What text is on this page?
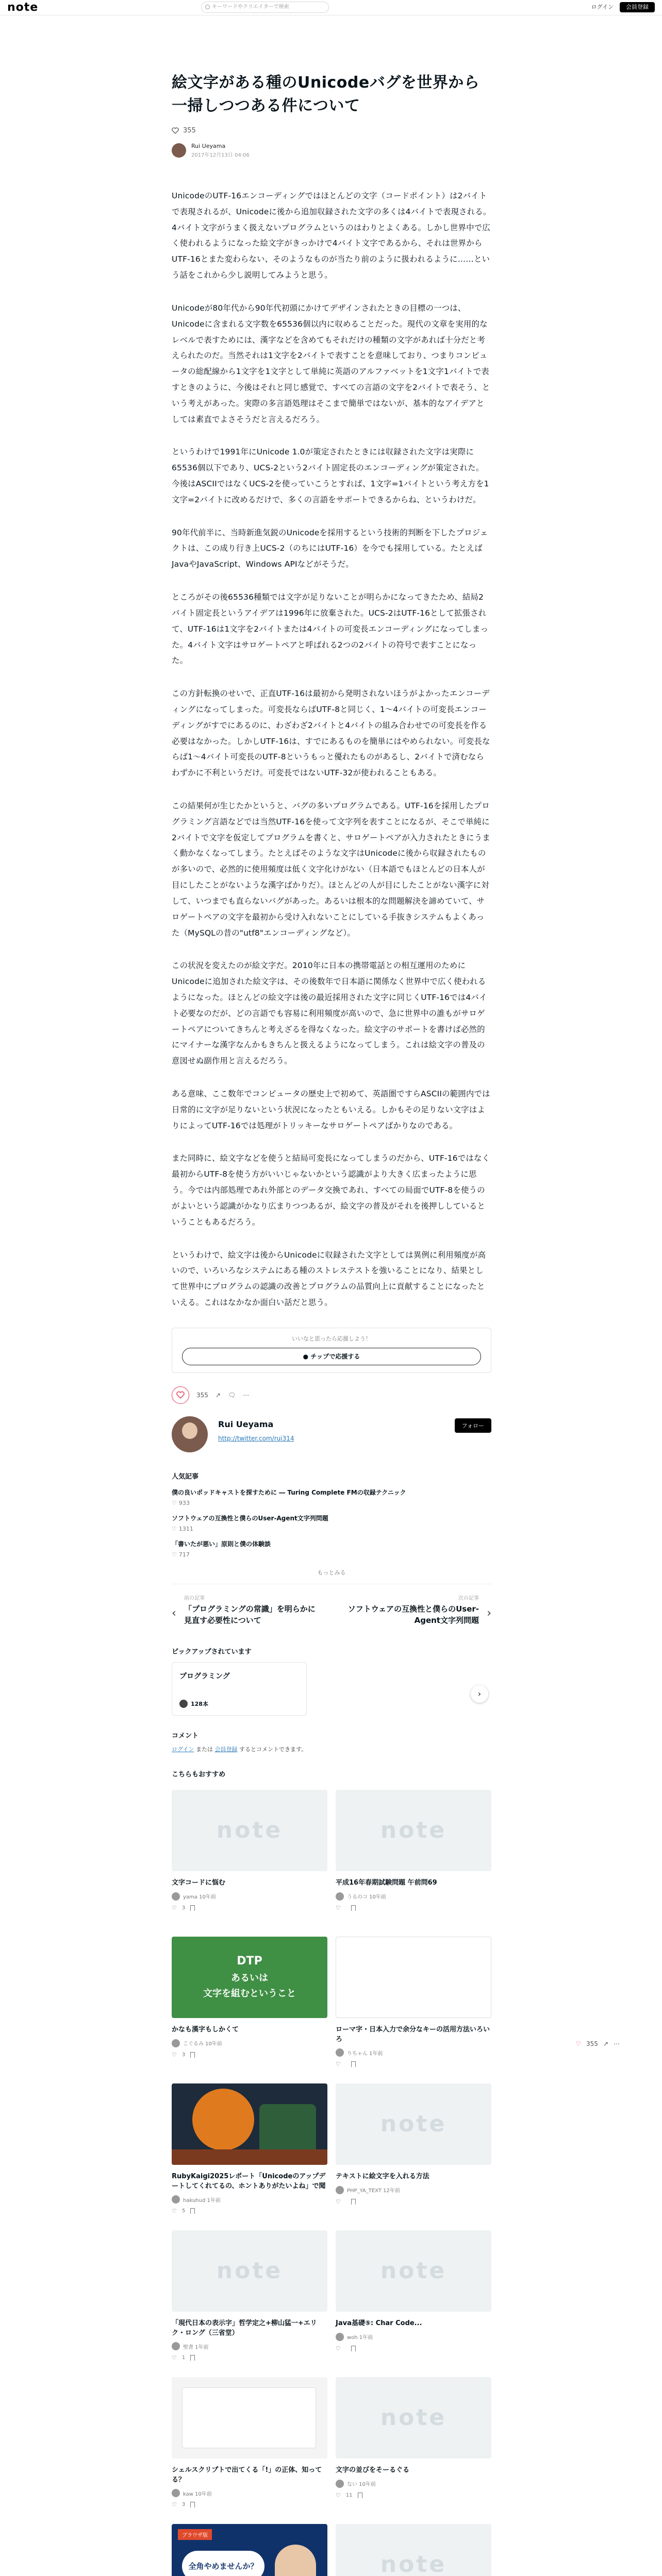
note	キーワードやクリエイターで検索	ログイン	会員登録
絵文字がある種のUnicodeバグを世界から一掃しつつある件について
355
Rui Ueyama
2017年12月13日 04:06

UnicodeのUTF-16エンコーディングではほとんどの文字（コードポイント）は2バイトで表現されるが、Unicodeに後から追加収録された文字の多くは4バイトで表現される。4バイト文字がうまく扱えないプログラムというのはわりとよくある。しかし世界中で広く使われるようになった絵文字がきっかけで4バイト文字であるから、それは世界からUTF-16とまた変わらない、そのようなものが当たり前のように扱われるように……という話をこれから少し説明してみようと思う。

Unicodeが80年代から90年代初頭にかけてデザインされたときの目標の一つは、Unicodeに含まれる文字数を65536個以内に収めることだった。現代の文章を実用的なレベルで表すためには、漢字などを含めてもそれだけの種類の文字があれば十分だと考えられたのだ。当然それは1文字を2バイトで表すことを意味しており、つまりコンピュータの総配線から1文字を1文字として単純に英語のアルファベットを1文字1バイトで表すときのように、今後はそれと同じ感覚で、すべての言語の文字を2バイトで表そう、という考えがあった。実際の多言語処理はそこまで簡単ではないが、基本的なアイデアとしては素直でよさそうだと言えるだろう。

というわけで1991年にUnicode 1.0が策定されたときには収録された文字は実際に65536個以下であり、UCS-2という2バイト固定長のエンコーディングが策定された。今後はASCIIではなくUCS-2を使っていこうとすれば、1文字=1バイトという考え方を1文字=2バイトに改めるだけで、多くの言語をサポートできるからね、というわけだ。

90年代前半に、当時新進気鋭のUnicodeを採用するという技術的判断を下したプロジェクトは、この成り行き上UCS-2（のちにはUTF-16）を今でも採用している。たとえばJavaやJavaScript、Windows APIなどがそうだ。

ところがその後65536種類では文字が足りないことが明らかになってきたため、結局2バイト固定長というアイデアは1996年に放棄された。UCS-2はUTF-16として拡張されて、UTF-16は1文字を2バイトまたは4バイトの可変長エンコーディングになってしまった。4バイト文字はサロゲートペアと呼ばれる2つの2バイトの符号で表すことになった。

この方針転換のせいで、正直UTF-16は最初から発明されないほうがよかったエンコーディングになってしまった。可変長ならばUTF-8と同じく、1〜4バイトの可変長エンコーディングがすでにあるのに、わざわざ2バイトと4バイトの組み合わせでの可変長を作る必要はなかった。しかしUTF-16は、すでにあるものを簡単にはやめられない。可変長ならば1〜4バイト可変長のUTF-8というもっと優れたものがあるし、2バイトで済むならわずかに不利というだけ。可変長ではないUTF-32が使われることもある。

この結果何が生じたかというと、バグの多いプログラムである。UTF-16を採用したプログラミング言語などでは当然UTF-16を使って文字列を表すことになるが、そこで単純に2バイトで文字を仮定してプログラムを書くと、サロゲートペアが入力されたときにうまく動かなくなってしまう。たとえばそのような文字はUnicodeに後から収録されたものが多いので、必然的に使用頻度は低く文字化けがない（日本語でもほとんどの日本人が目にしたことがないような漢字ばかりだ）。ほとんどの人が目にしたことがない漢字に対して、いつまでも直らないバグがあった。あるいは根本的な問題解決を諦めていて、サロゲートペアの文字を最初から受け入れないことにしている手抜きシステムもよくあった（MySQLの昔の"utf8"エンコーディングなど）。

この状況を変えたのが絵文字だ。2010年に日本の携帯電話との相互運用のためにUnicodeに追加された絵文字は、その後数年で日本語に関係なく世界中で広く使われるようになった。ほとんどの絵文字は後の最近採用された文字に同じくUTF-16では4バイト必要なのだが、どの言語でも容易に利用頻度が高いので、急に世界中の誰もがサロゲートペアについてきちんと考えざるを得なくなった。絵文字のサポートを書けば必然的にマイナーな漢字なんかもきちんと扱えるようになってしまう。これは絵文字の普及の意図せぬ副作用と言えるだろう。

ある意味、ここ数年でコンピュータの歴史上で初めて、英語圏ですらASCIIの範囲内では日常的に文字が足りないという状況になったともいえる。しかもその足りない文字はよりによってUTF-16では処理がトリッキーなサロゲートペアばかりなのである。

また同時に、絵文字などを使うと結局可変長になってしまうのだから、UTF-16ではなく最初からUTF-8を使う方がいいじゃないかという認識がより大きく広まったように思う。今では内部処理であれ外部とのデータ交換であれ、すべての局面でUTF-8を使うのがよいという認識がかなり広まりつつあるが、絵文字の普及がそれを後押ししているということもあるだろう。

というわけで、絵文字は後からUnicodeに収録された文字としては異例に利用頻度が高いので、いろいろなシステムにある種のストレステストを強いることになり、結果として世界中にプログラムの認識の改善とプログラムの品質向上に貢献することになったといえる。これはなかなか面白い話だと思う。

いいなと思ったら応援しよう！
● チップで応援する
355 ↗ 🗨 ⋯
Rui Ueyama
http://twitter.com/rui314
フォロー
人気記事
僕の良いポッドキャストを探すために ― Turing Complete FMの収録テクニック
♡ 933
ソフトウェアの互換性と僕らのUser-Agent文字列問題
♡ 1311
「書いたが悪い」原則と僕の体験談
♡ 717
もっとみる
‹
前の記事
「プログラミングの常識」を明らかに見直す必要性について
›
次の記事
ソフトウェアの互換性と僕らのUser-Agent文字列問題
ピックアップされています
プログラミング
128本
›
コメント
ログイン または 会員登録 するとコメントできます。
こちらもおすすめ
note
文字コードに悩む
yama 10年前
♡ 3
note
平成16年春期試験問題 午前問69
うるのコ 10年前
♡
DTP
あるいは
文字を組むということ
かなも漢字もしかくて
こぐるみ 10年前
♡ 3
ローマ字・日本入力で余分なキーの活用方法いろいろ
りちゃん 1年前
♡
RubyKaigi2025レポート「Unicodeのアップデートしてくれてるの、ホントありがたいよね」で聞
hakuhud 1年前
♡ 5
note
テキストに絵文字を入れる方法
PHP_YA_TEXT 12年前
♡
note
「現代日本の表示字」哲学定之+柳山猛一+エリク・ロング（三省堂）
聖書 1年前
♡ 1
note
Java基礎⑤: Char Code...
woh 1年前
♡
シェルスクリプトで出てくる「!」の正体、知ってる？
kaw 10年前
♡ 3
note
文字の並びをそーるぐる
ない 10年前
♡ 11
ブラウザ版
全角やめませんか？	note
♡ 355 ↗ ⋯
